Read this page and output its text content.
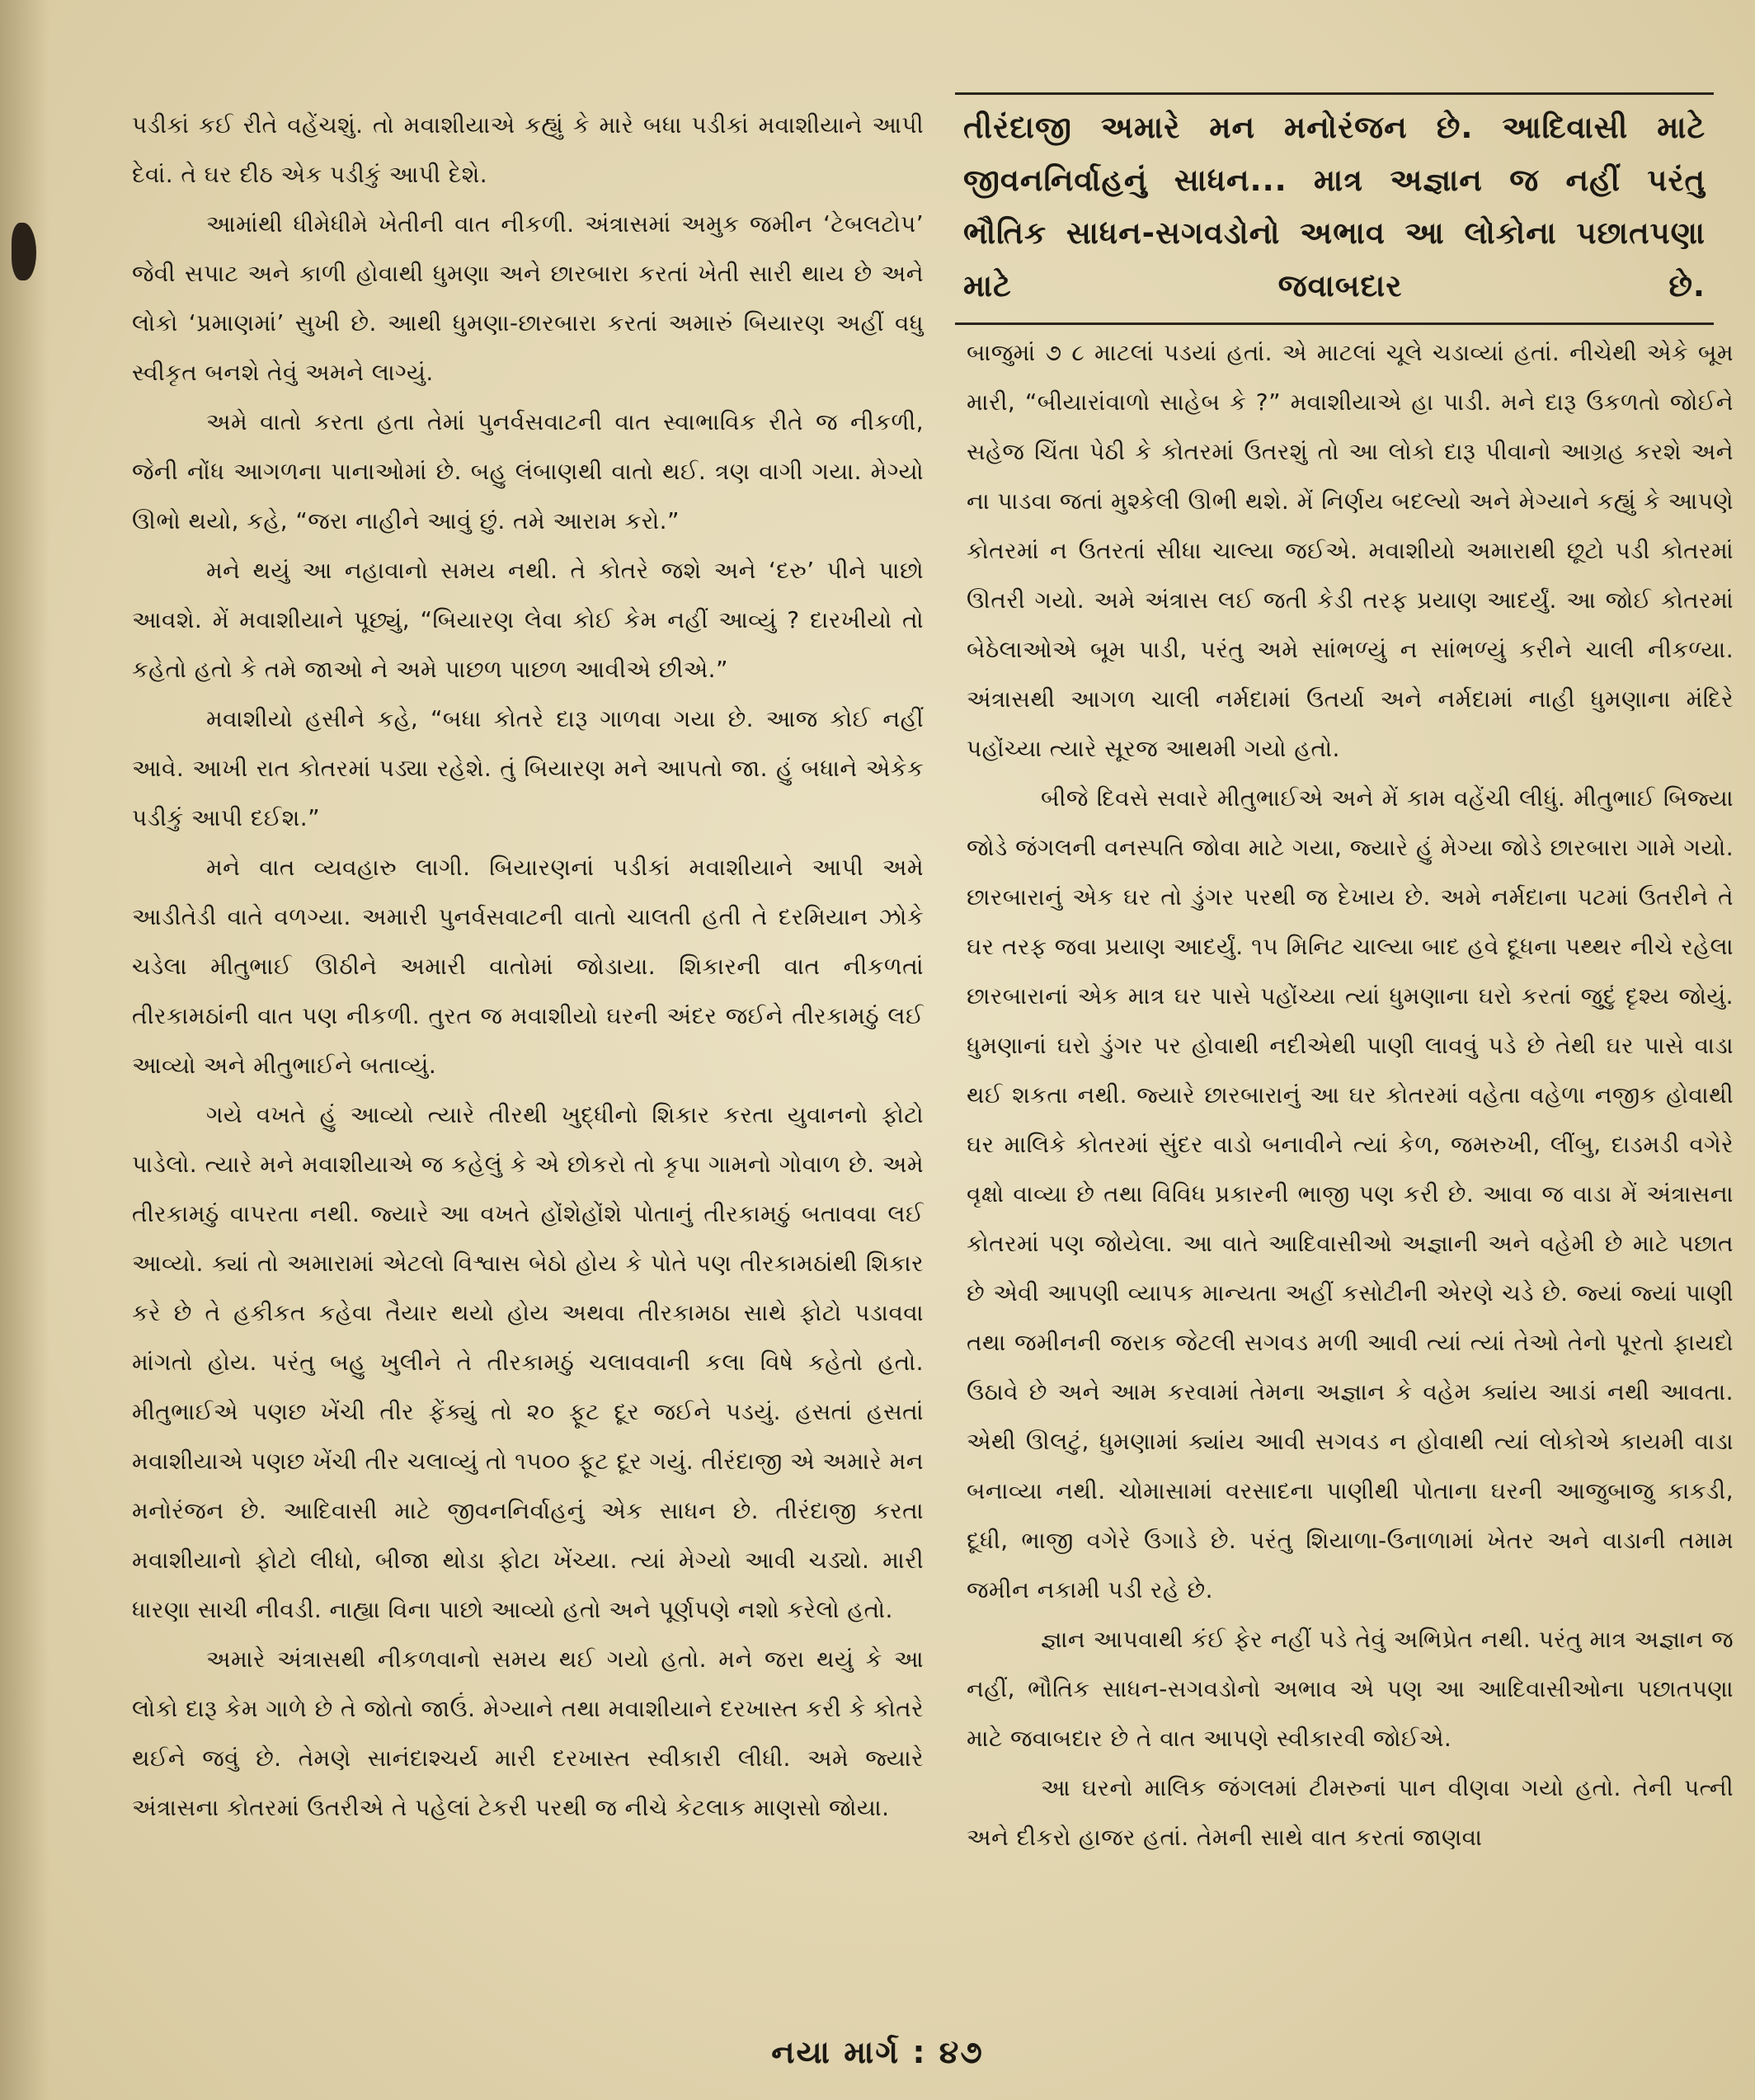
તીરંદાજી અમારે મન મનોરંજન છે. આદિવાસી માટે જીવનનિર્વાહનું સાધન... માત્ર અજ્ઞાન જ નહીં પરંતુ ભૌતિક સાધન-સગવડોનો અભાવ આ લોકોના પછાતપણા માટે જવાબદાર છે.

પડીકાં કઈ રીતે વહેંચશું. તો મવાશીયાએ કહ્યું કે મારે બધા પડીકાં મવાશીયાને આપી દેવાં. તે ઘર દીઠ એક પડીકું આપી દેશે.

આમાંથી ધીમેધીમે ખેતીની વાત નીકળી. અંત્રાસમાં અમુક જમીન ‘ટેબલટોપ’ જેવી સપાટ અને કાળી હોવાથી ધુમણા અને છારબારા કરતાં ખેતી સારી થાય છે અને લોકો ‘પ્રમાણમાં’ સુખી છે. આથી ધુમણા-છારબારા કરતાં અમારું બિયારણ અહીં વધુ સ્વીકૃત બનશે તેવું અમને લાગ્યું.

અમે વાતો કરતા હતા તેમાં પુનર્વસવાટની વાત સ્વાભાવિક રીતે જ નીકળી, જેની નોંધ આગળના પાનાઓમાં છે. બહુ લંબાણથી વાતો થઈ. ત્રણ વાગી ગયા. મેગ્યો ઊભો થયો, કહે, “જરા નાહીને આવું છું. તમે આરામ કરો.”

મને થયું આ નહાવાનો સમય નથી. તે કોતરે જશે અને ‘દરુ’ પીને પાછો આવશે. મેં મવાશીયાને પૂછ્યું, “બિયારણ લેવા કોઈ કેમ નહીં આવ્યું ? દારખીયો તો કહેતો હતો કે તમે જાઓ ને અમે પાછળ પાછળ આવીએ છીએ.”

મવાશીયો હસીને કહે, “બધા કોતરે દારૂ ગાળવા ગયા છે. આજ કોઈ નહીં આવે. આખી રાત કોતરમાં પડ્યા રહેશે. તું બિયારણ મને આપતો જા. હું બધાને એકેક પડીકું આપી દઈશ.”

મને વાત વ્યવહારુ લાગી. બિયારણનાં પડીકાં મવાશીયાને આપી અમે આડીતેડી વાતે વળગ્યા. અમારી પુનર્વસવાટની વાતો ચાલતી હતી તે દરમિયાન ઝોકે ચડેલા મીતુભાઈ ઊઠીને અમારી વાતોમાં જોડાયા. શિકારની વાત નીકળતાં તીરકામઠાંની વાત પણ નીકળી. તુરત જ મવાશીયો ઘરની અંદર જઈને તીરકામઠું લઈ આવ્યો અને મીતુભાઈને બતાવ્યું.

ગયે વખતે હું આવ્યો ત્યારે તીરથી ખુદ્ધીનો શિકાર કરતા યુવાનનો ફોટો પાડેલો. ત્યારે મને મવાશીયાએ જ કહેલું કે એ છોકરો તો કૃપા ગામનો ગોવાળ છે. અમે તીરકામઠું વાપરતા નથી. જ્યારે આ વખતે હોંશેહોંશે પોતાનું તીરકામઠું બતાવવા લઈ આવ્યો. ક્યાં તો અમારામાં એટલો વિશ્વાસ બેઠો હોય કે પોતે પણ તીરકામઠાંથી શિકાર કરે છે તે હકીકત કહેવા તૈયાર થયો હોય અથવા તીરકામઠા સાથે ફોટો પડાવવા માંગતો હોય. પરંતુ બહુ ખુલીને તે તીરકામઠું ચલાવવાની કલા વિષે કહેતો હતો. મીતુભાઈએ પણછ ખેંચી તીર ફેંક્યું તો ૨૦ ફૂટ દૂર જઈને પડયું. હસતાં હસતાં મવાશીયાએ પણછ ખેંચી તીર ચલાવ્યું તો ૧૫૦૦ ફૂટ દૂર ગયું. તીરંદાજી એ અમારે મન મનોરંજન છે. આદિવાસી માટે જીવનનિર્વાહનું એક સાધન છે. તીરંદાજી કરતા મવાશીયાનો ફોટો લીધો, બીજા થોડા ફોટા ખેંચ્યા. ત્યાં મેગ્યો આવી ચડ્યો. મારી ધારણા સાચી નીવડી. નાહ્યા વિના પાછો આવ્યો હતો અને પૂર્ણપણે નશો કરેલો હતો.

અમારે અંત્રાસથી નીકળવાનો સમય થઈ ગયો હતો. મને જરા થયું કે આ લોકો દારૂ કેમ ગાળે છે તે જોતો જાઉં. મેગ્યાને તથા મવાશીયાને દરખાસ્ત કરી કે કોતરે થઈને જવું છે. તેમણે સાનંદાશ્ચર્ય મારી દરખાસ્ત સ્વીકારી લીધી. અમે જ્યારે અંત્રાસના કોતરમાં ઉતરીએ તે પહેલાં ટેકરી પરથી જ નીચે કેટલાક માણસો જોયા.

બાજુમાં ૭ ૮ માટલાં પડયાં હતાં. એ માટલાં ચૂલે ચડાવ્યાં હતાં. નીચેથી એકે બૂમ મારી, “બીયારાંવાળો સાહેબ કે ?” મવાશીયાએ હા પાડી. મને દારૂ ઉકળતો જોઈને સહેજ ચિંતા પેઠી કે કોતરમાં ઉતરશું તો આ લોકો દારૂ પીવાનો આગ્રહ કરશે અને ના પાડવા જતાં મુશ્કેલી ઊભી થશે. મેં નિર્ણય બદલ્યો અને મેગ્યાને કહ્યું કે આપણે કોતરમાં ન ઉતરતાં સીધા ચાલ્યા જઈએ. મવાશીયો અમારાથી છૂટો પડી કોતરમાં ઊતરી ગયો. અમે અંત્રાસ લઈ જતી કેડી તરફ પ્રયાણ આદર્યું. આ જોઈ કોતરમાં બેઠેલાઓએ બૂમ પાડી, પરંતુ અમે સાંભળ્યું ન સાંભળ્યું કરીને ચાલી નીકળ્યા. અંત્રાસથી આગળ ચાલી નર્મદામાં ઉતર્યા અને નર્મદામાં નાહી ધુમણાના મંદિરે પહોંચ્યા ત્યારે સૂરજ આથમી ગયો હતો.

બીજે દિવસે સવારે મીતુભાઈએ અને મેં કામ વહેંચી લીધું. મીતુભાઈ બિજ્યા જોડે જંગલની વનસ્પતિ જોવા માટે ગયા, જ્યારે હું મેગ્યા જોડે છારબારા ગામે ગયો. છારબારાનું એક ઘર તો ડુંગર પરથી જ દેખાય છે. અમે નર્મદાના પટમાં ઉતરીને તે ઘર તરફ જવા પ્રયાણ આદર્યું. ૧૫ મિનિટ ચાલ્યા બાદ હવે દૂધના પથ્થર નીચે રહેલા છારબારાનાં એક માત્ર ઘર પાસે પહોંચ્યા ત્યાં ધુમણાના ઘરો કરતાં જુદું દૃશ્ય જોયું. ધુમણાનાં ઘરો ડુંગર પર હોવાથી નદીએથી પાણી લાવવું પડે છે તેથી ઘર પાસે વાડા થઈ શકતા નથી. જ્યારે છારબારાનું આ ઘર કોતરમાં વહેતા વહેળા નજીક હોવાથી ઘર માલિકે કોતરમાં સુંદર વાડો બનાવીને ત્યાં કેળ, જમરુખી, લીંબુ, દાડમડી વગેરે વૃક્ષો વાવ્યા છે તથા વિવિધ પ્રકારની ભાજી પણ કરી છે. આવા જ વાડા મેં અંત્રાસના કોતરમાં પણ જોયેલા. આ વાતે આદિવાસીઓ અજ્ઞાની અને વહેમી છે માટે પછાત છે એવી આપણી વ્યાપક માન્યતા અહીં કસોટીની એરણે ચડે છે. જ્યાં જ્યાં પાણી તથા જમીનની જરાક જેટલી સગવડ મળી આવી ત્યાં ત્યાં તેઓ તેનો પૂરતો ફાયદો ઉઠાવે છે અને આમ કરવામાં તેમના અજ્ઞાન કે વહેમ ક્યાંય આડાં નથી આવતા. એથી ઊલટું, ધુમણામાં ક્યાંય આવી સગવડ ન હોવાથી ત્યાં લોકોએ કાયમી વાડા બનાવ્યા નથી. ચોમાસામાં વરસાદના પાણીથી પોતાના ઘરની આજુબાજુ કાકડી, દૂધી, ભાજી વગેરે ઉગાડે છે. પરંતુ શિયાળા-ઉનાળામાં ખેતર અને વાડાની તમામ જમીન નકામી પડી રહે છે.

જ્ઞાન આપવાથી કંઈ ફેર નહીં પડે તેવું અભિપ્રેત નથી. પરંતુ માત્ર અજ્ઞાન જ નહીં, ભૌતિક સાધન-સગવડોનો અભાવ એ પણ આ આદિવાસીઓના પછાતપણા માટે જવાબદાર છે તે વાત આપણે સ્વીકારવી જોઈએ.

આ ઘરનો માલિક જંગલમાં ટીમરુનાં પાન વીણવા ગયો હતો. તેની પત્ની અને દીકરો હાજર હતાં. તેમની સાથે વાત કરતાં જાણવા

નયા માર્ગ : ૪૭
